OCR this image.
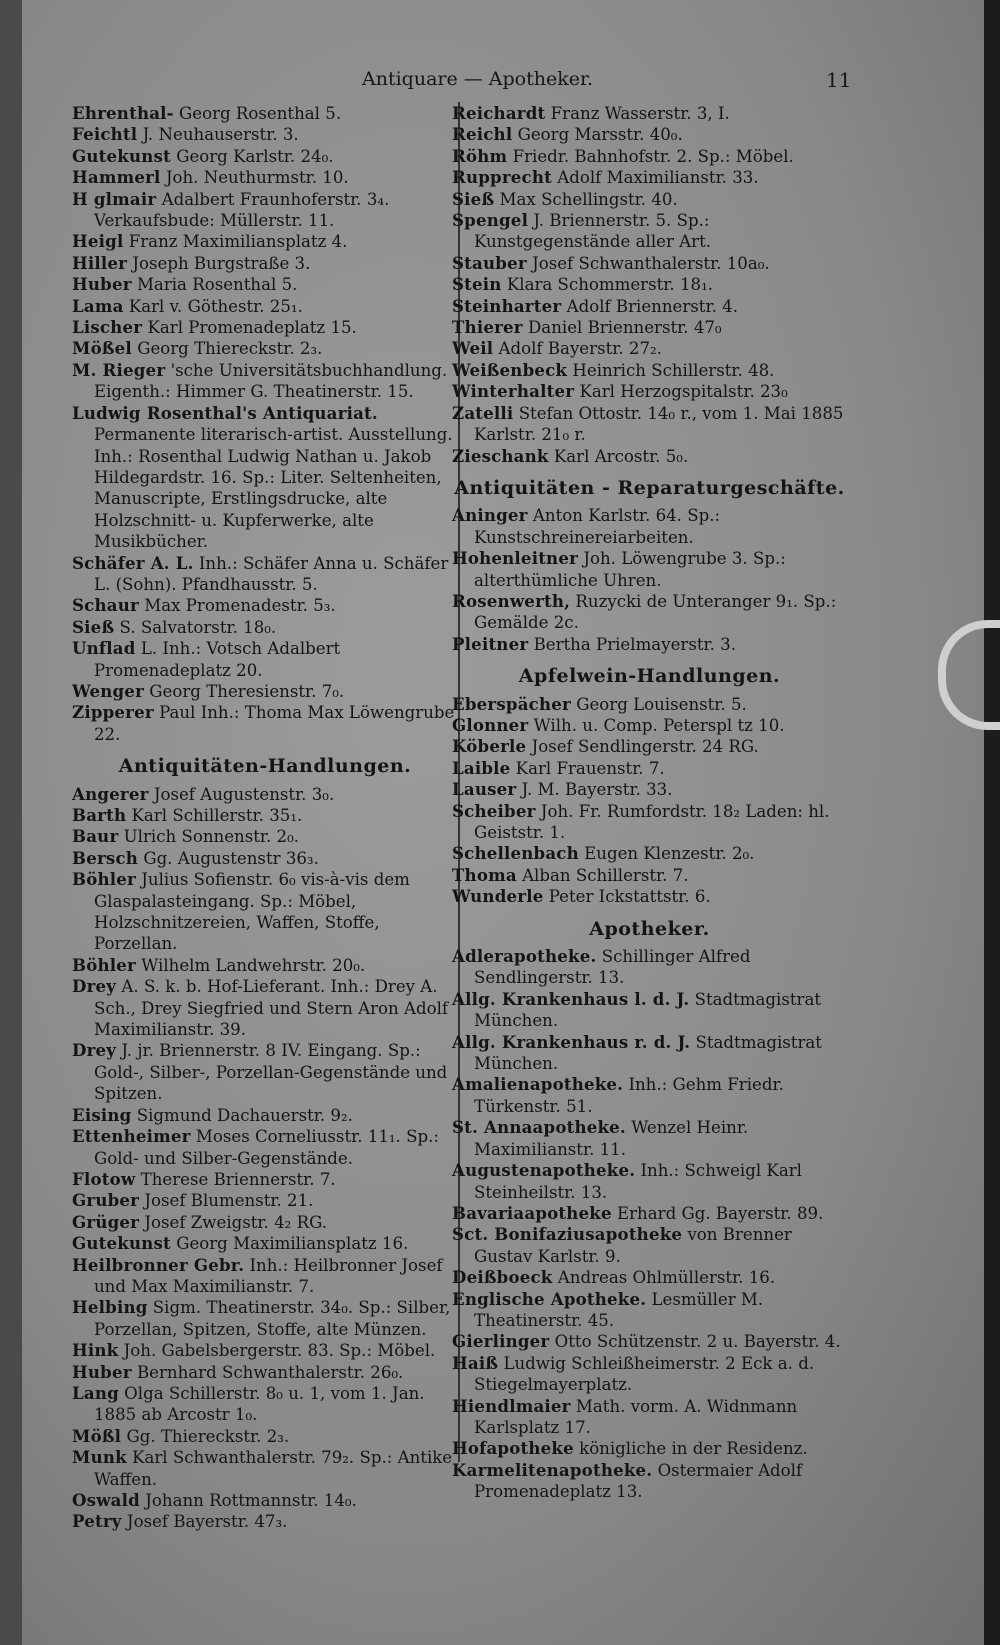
Antiquare — Apotheker.	11
Ehrenthal- Georg Rosenthal 5.
Feichtl J. Neuhauserstr. 3.
Gutekunst Georg Karlstr. 24₀.
Hammerl Joh. Neuthurmstr. 10.
H glmair Adalbert Fraunhoferstr. 3₄. Verkaufsbude: Müllerstr. 11.
Heigl Franz Maximiliansplatz 4.
Hiller Joseph Burgstraße 3.
Huber Maria Rosenthal 5.
Lama Karl v. Göthestr. 25₁.
Lischer Karl Promenadeplatz 15.
Mößel Georg Thiereckstr. 2₃.
M. Rieger 'sche Universitätsbuchhandlung. Eigenth.: Himmer G. Theatinerstr. 15.
Ludwig Rosenthal's Antiquariat. Permanente literarisch-artist. Ausstellung. Inh.: Rosenthal Ludwig Nathan u. Jakob Hildegardstr. 16. Sp.: Liter. Seltenheiten, Manuscripte, Erstlingsdrucke, alte Holzschnitt- u. Kupferwerke, alte Musikbücher.
Schäfer A. L. Inh.: Schäfer Anna u. Schäfer L. (Sohn). Pfandhausstr. 5.
Schaur Max Promenadestr. 5₃.
Sieß S. Salvatorstr. 18₀.
Unflad L. Inh.: Votsch Adalbert Promenadeplatz 20.
Wenger Georg Theresienstr. 7₀.
Zipperer Paul Inh.: Thoma Max Löwengrube 22.
Antiquitäten-Handlungen.
Angerer Josef Augustenstr. 3₀.
Barth Karl Schillerstr. 35₁.
Baur Ulrich Sonnenstr. 2₀.
Bersch Gg. Augustenstr 36₃.
Böhler Julius Sofienstr. 6₀ vis-à-vis dem Glaspalasteingang. Sp.: Möbel, Holzschnitzereien, Waffen, Stoffe, Porzellan.
Böhler Wilhelm Landwehrstr. 20₀.
Drey A. S. k. b. Hof-Lieferant. Inh.: Drey A. Sch., Drey Siegfried und Stern Aron Adolf Maximilianstr. 39.
Drey J. jr. Briennerstr. 8 IV. Eingang. Sp.: Gold-, Silber-, Porzellan-Gegenstände und Spitzen.
Eising Sigmund Dachauerstr. 9₂.
Ettenheimer Moses Corneliusstr. 11₁. Sp.: Gold- und Silber-Gegenstände.
Flotow Therese Briennerstr. 7.
Gruber Josef Blumenstr. 21.
Grüger Josef Zweigstr. 4₂ RG.
Gutekunst Georg Maximiliansplatz 16.
Heilbronner Gebr. Inh.: Heilbronner Josef und Max Maximilianstr. 7.
Helbing Sigm. Theatinerstr. 34₀. Sp.: Silber, Porzellan, Spitzen, Stoffe, alte Münzen.
Hink Joh. Gabelsbergerstr. 83. Sp.: Möbel.
Huber Bernhard Schwanthalerstr. 26₀.
Lang Olga Schillerstr. 8₀ u. 1, vom 1. Jan. 1885 ab Arcostr 1₀.
Mößl Gg. Thiereckstr. 2₃.
Munk Karl Schwanthalerstr. 79₂. Sp.: Antike Waffen.
Oswald Johann Rottmannstr. 14₀.
Petry Josef Bayerstr. 47₃.
Reichardt Franz Wasserstr. 3, I.
Reichl Georg Marsstr. 40₀.
Röhm Friedr. Bahnhofstr. 2. Sp.: Möbel.
Rupprecht Adolf Maximilianstr. 33.
Sieß Max Schellingstr. 40.
Spengel J. Briennerstr. 5. Sp.: Kunstgegenstände aller Art.
Stauber Josef Schwanthalerstr. 10a₀.
Stein Klara Schommerstr. 18₁.
Steinharter Adolf Briennerstr. 4.
Thierer Daniel Briennerstr. 47₀
Weil Adolf Bayerstr. 27₂.
Weißenbeck Heinrich Schillerstr. 48.
Winterhalter Karl Herzogspitalstr. 23₀
Zatelli Stefan Ottostr. 14₀ r., vom 1. Mai 1885 Karlstr. 21₀ r.
Zieschank Karl Arcostr. 5₀.
Antiquitäten - Reparaturgeschäfte.
Aninger Anton Karlstr. 64. Sp.: Kunstschreinereiarbeiten.
Hohenleitner Joh. Löwengrube 3. Sp.: alterthümliche Uhren.
Rosenwerth, Ruzycki de Unteranger 9₁. Sp.: Gemälde 2c.
Pleitner Bertha Prielmayerstr. 3.
Apfelwein-Handlungen.
Eberspächer Georg Louisenstr. 5.
Glonner Wilh. u. Comp. Peterspl tz 10.
Köberle Josef Sendlingerstr. 24 RG.
Laible Karl Frauenstr. 7.
Lauser J. M. Bayerstr. 33.
Scheiber Joh. Fr. Rumfordstr. 18₂ Laden: hl. Geiststr. 1.
Schellenbach Eugen Klenzestr. 2₀.
Thoma Alban Schillerstr. 7.
Wunderle Peter Ickstattstr. 6.
Apotheker.
Adlerapotheke. Schillinger Alfred Sendlingerstr. 13.
Allg. Krankenhaus l. d. J. Stadtmagistrat München.
Allg. Krankenhaus r. d. J. Stadtmagistrat München.
Amalienapotheke. Inh.: Gehm Friedr. Türkenstr. 51.
St. Annaapotheke. Wenzel Heinr. Maximilianstr. 11.
Augustenapotheke. Inh.: Schweigl Karl Steinheilstr. 13.
Bavariaapotheke Erhard Gg. Bayerstr. 89.
Sct. Bonifaziusapotheke von Brenner Gustav Karlstr. 9.
Deißboeck Andreas Ohlmüllerstr. 16.
Englische Apotheke. Lesmüller M. Theatinerstr. 45.
Gierlinger Otto Schützenstr. 2 u. Bayerstr. 4.
Haiß Ludwig Schleißheimerstr. 2 Eck a. d. Stiegelmayerplatz.
Hiendlmaier Math. vorm. A. Widnmann Karlsplatz 17.
Hofapotheke königliche in der Residenz.
Karmelitenapotheke. Ostermaier Adolf Promenadeplatz 13.
